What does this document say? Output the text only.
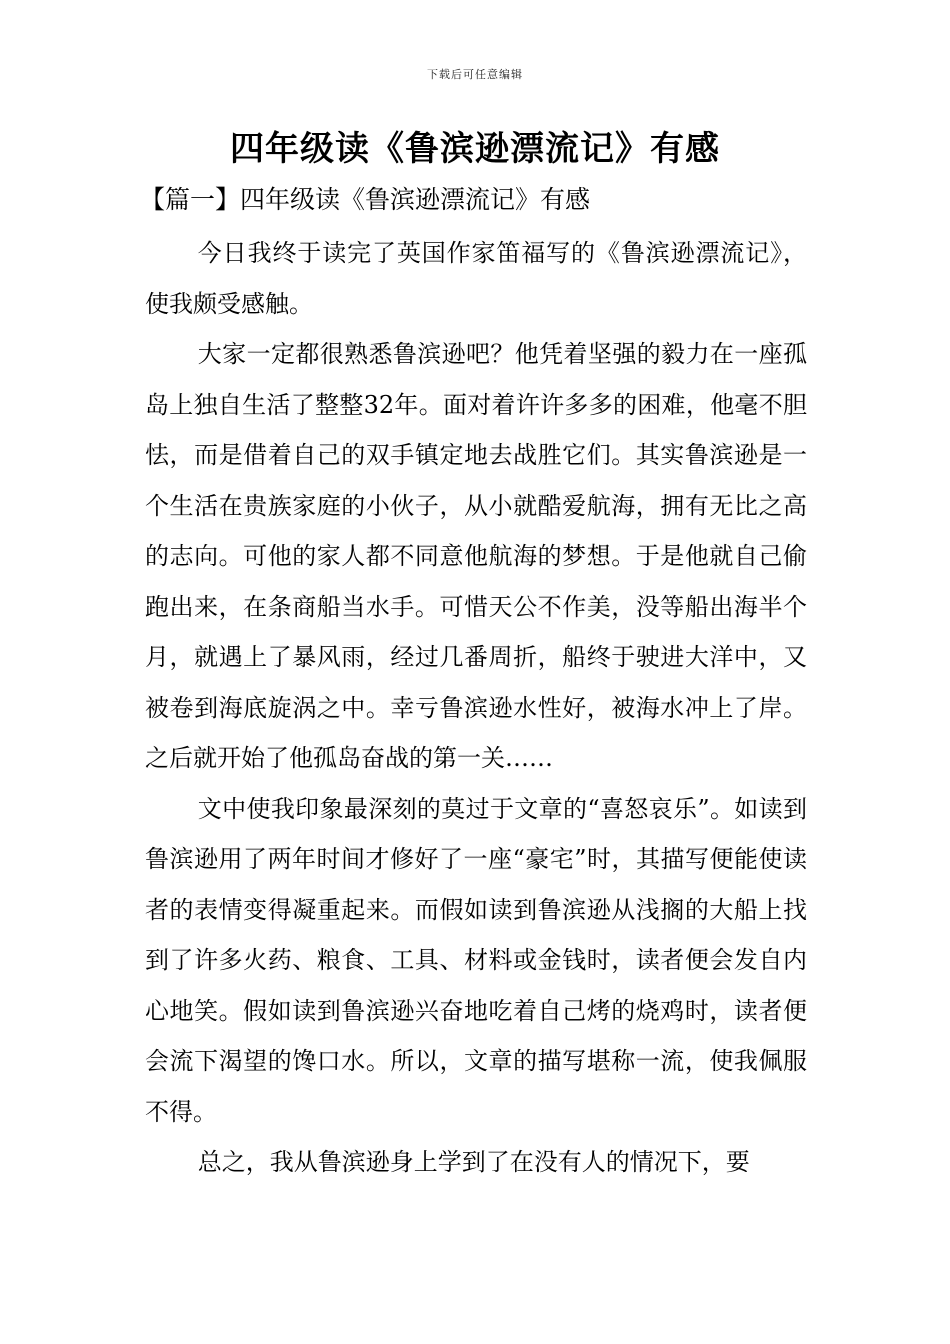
下载后可任意编辑
四年级读《鲁滨逊漂流记》有感
【篇一】四年级读《鲁滨逊漂流记》有感

今日我终于读完了英国作家笛福写的《鲁滨逊漂流记》，使我颇受感触。

大家一定都很熟悉鲁滨逊吧？他凭着坚强的毅力在一座孤岛上独自生活了整整32年。面对着许许多多的困难，他毫不胆怯，而是借着自己的双手镇定地去战胜它们。其实鲁滨逊是一个生活在贵族家庭的小伙子，从小就酷爱航海，拥有无比之高的志向。可他的家人都不同意他航海的梦想。于是他就自己偷跑出来，在条商船当水手。可惜天公不作美，没等船出海半个月，就遇上了暴风雨，经过几番周折，船终于驶进大洋中，又被卷到海底旋涡之中。幸亏鲁滨逊水性好，被海水冲上了岸。之后就开始了他孤岛奋战的第一关……

文中使我印象最深刻的莫过于文章的“喜怒哀乐”。如读到鲁滨逊用了两年时间才修好了一座“豪宅”时，其描写便能使读者的表情变得凝重起来。而假如读到鲁滨逊从浅搁的大船上找到了许多火药、粮食、工具、材料或金钱时，读者便会发自内心地笑。假如读到鲁滨逊兴奋地吃着自己烤的烧鸡时，读者便会流下渴望的馋口水。所以，文章的描写堪称一流，使我佩服不得。

总之，我从鲁滨逊身上学到了在没有人的情况下，要
